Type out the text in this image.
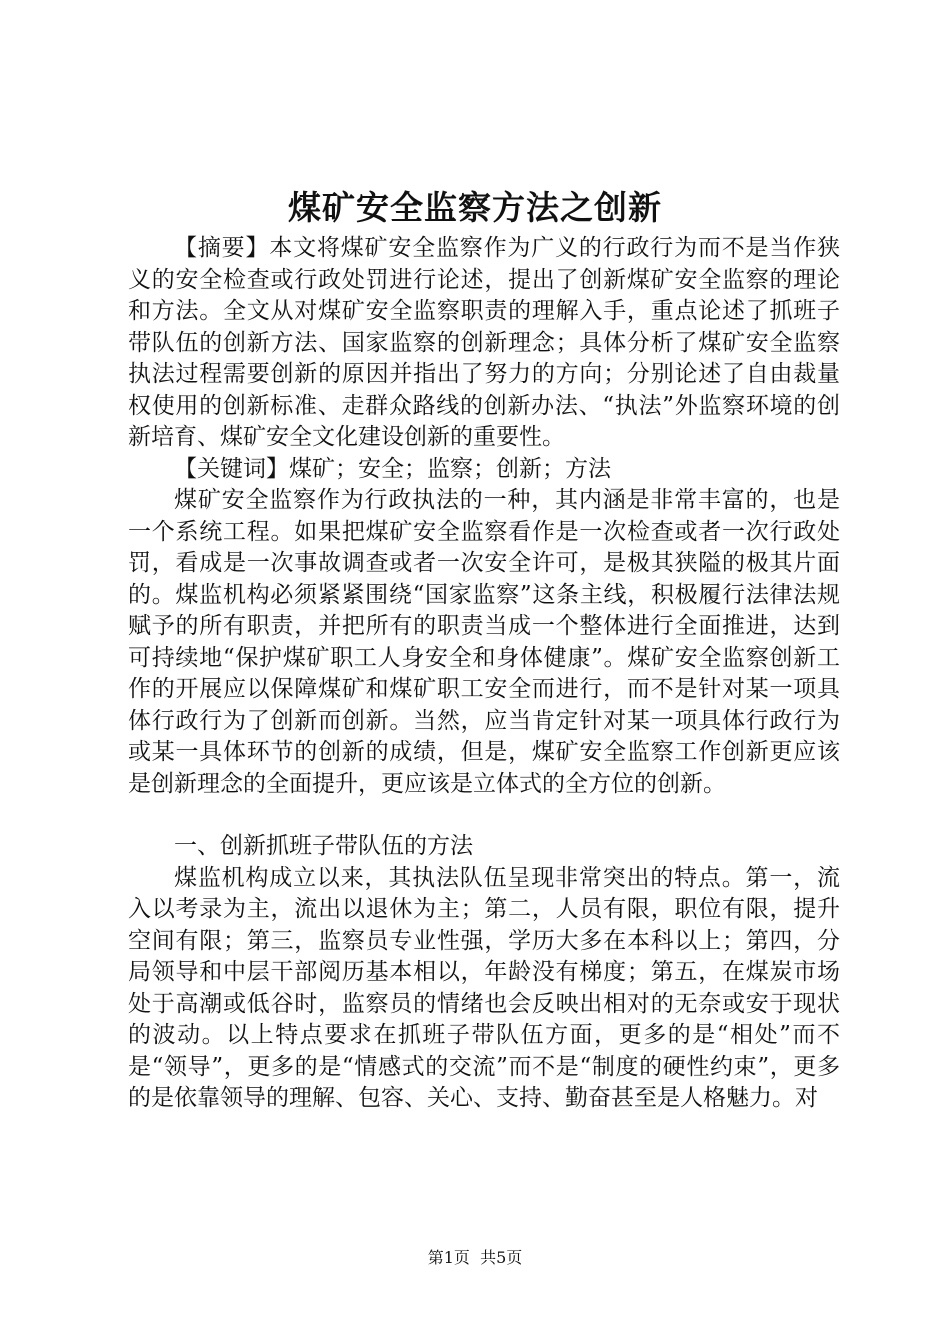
煤矿安全监察方法之创新

【摘要】本文将煤矿安全监察作为广义的行政行为而不是当作狭义的安全检查或行政处罚进行论述，提出了创新煤矿安全监察的理论和方法。全文从对煤矿安全监察职责的理解入手，重点论述了抓班子带队伍的创新方法、国家监察的创新理念；具体分析了煤矿安全监察执法过程需要创新的原因并指出了努力的方向；分别论述了自由裁量权使用的创新标准、走群众路线的创新办法、“执法”外监察环境的创新培育、煤矿安全文化建设创新的重要性。

【关键词】煤矿；安全；监察；创新；方法

煤矿安全监察作为行政执法的一种，其内涵是非常丰富的，也是一个系统工程。如果把煤矿安全监察看作是一次检查或者一次行政处罚，看成是一次事故调查或者一次安全许可，是极其狭隘的极其片面的。煤监机构必须紧紧围绕“国家监察”这条主线，积极履行法律法规赋予的所有职责，并把所有的职责当成一个整体进行全面推进，达到可持续地“保护煤矿职工人身安全和身体健康”。煤矿安全监察创新工作的开展应以保障煤矿和煤矿职工安全而进行，而不是针对某一项具体行政行为了创新而创新。当然，应当肯定针对某一项具体行政行为或某一具体环节的创新的成绩，但是，煤矿安全监察工作创新更应该是创新理念的全面提升，更应该是立体式的全方位的创新。

一、创新抓班子带队伍的方法

煤监机构成立以来，其执法队伍呈现非常突出的特点。第一，流入以考录为主，流出以退休为主；第二，人员有限，职位有限，提升空间有限；第三，监察员专业性强，学历大多在本科以上；第四，分局领导和中层干部阅历基本相以，年龄没有梯度；第五，在煤炭市场处于高潮或低谷时，监察员的情绪也会反映出相对的无奈或安于现状的波动。以上特点要求在抓班子带队伍方面，更多的是“相处”而不是“领导”，更多的是“情感式的交流”而不是“制度的硬性约束”，更多的是依靠领导的理解、包容、关心、支持、勤奋甚至是人格魅力。对

第1页 共5页
